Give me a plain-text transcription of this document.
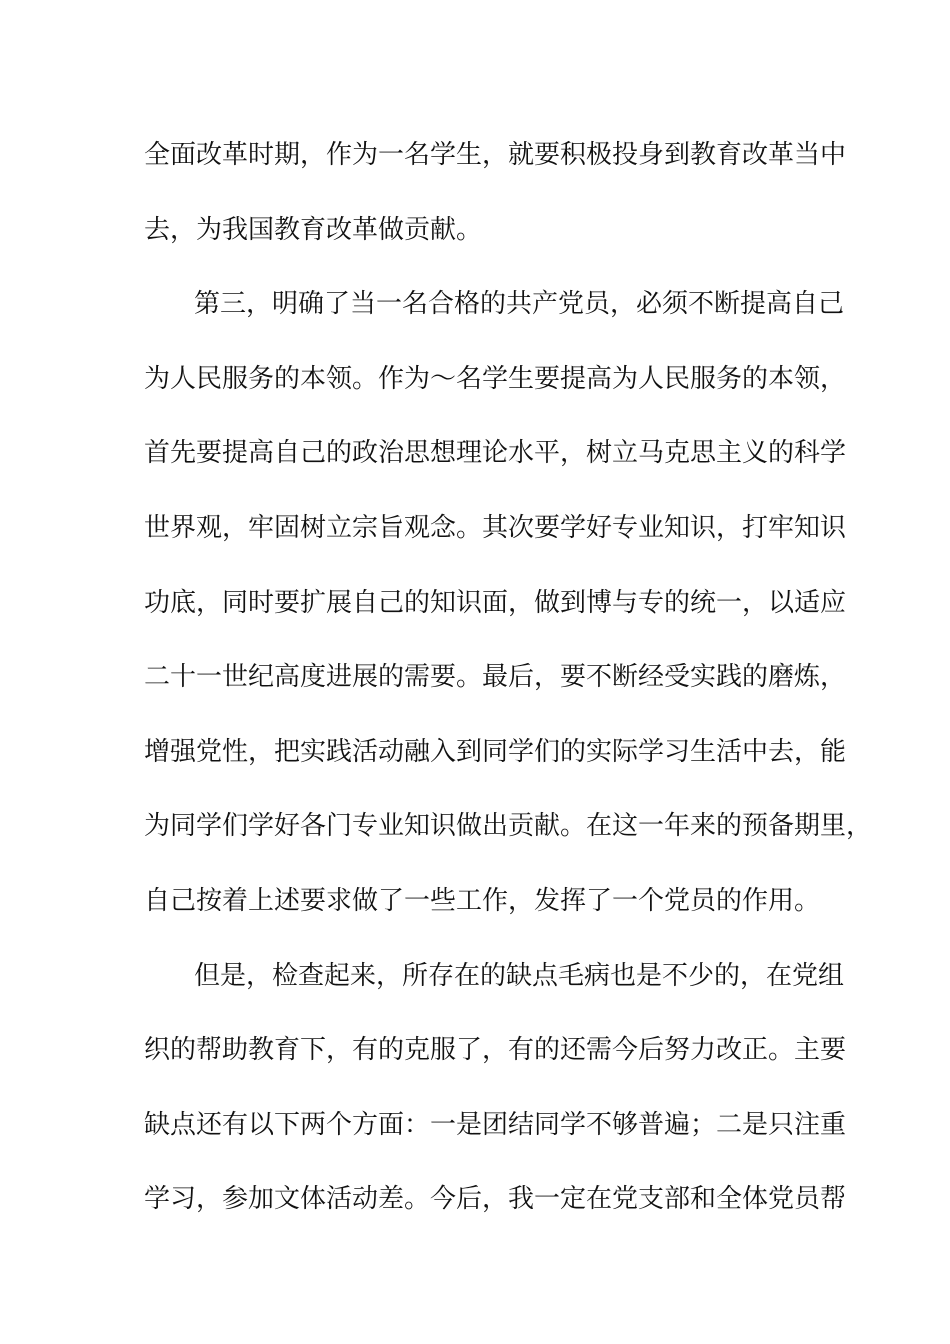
全面改革时期，作为一名学生，就要积极投身到教育改革当中
去，为我国教育改革做贡献。
第三，明确了当一名合格的共产党员，必须不断提高自己
为人民服务的本领。作为～名学生要提高为人民服务的本领，
首先要提高自己的政治思想理论水平，树立马克思主义的科学
世界观，牢固树立宗旨观念。其次要学好专业知识，打牢知识
功底，同时要扩展自己的知识面，做到博与专的统一，以适应
二十一世纪高度进展的需要。最后，要不断经受实践的磨炼，
增强党性，把实践活动融入到同学们的实际学习生活中去，能
为同学们学好各门专业知识做出贡献。在这一年来的预备期里，
自己按着上述要求做了一些工作，发挥了一个党员的作用。
但是，检查起来，所存在的缺点毛病也是不少的，在党组
织的帮助教育下，有的克服了，有的还需今后努力改正。主要
缺点还有以下两个方面：一是团结同学不够普遍；二是只注重
学习，参加文体活动差。今后，我一定在党支部和全体党员帮
